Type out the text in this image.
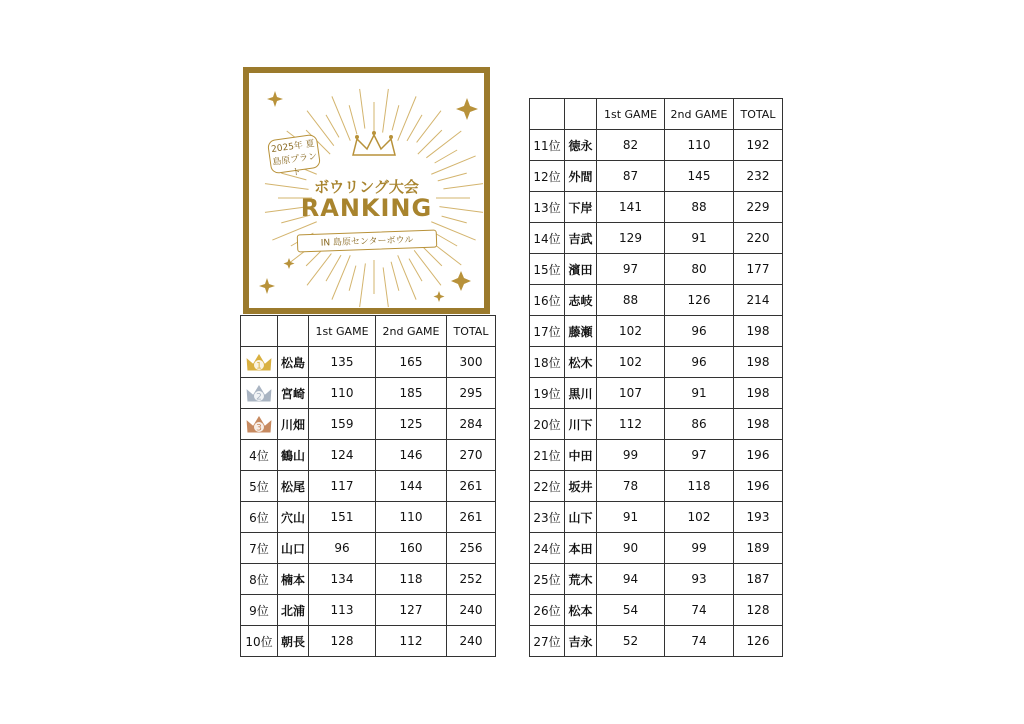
2025年 夏
島原プラント
ボウリング大会
RANKING
IN 島原センターボウル
		1st GAME	2nd GAME	TOTAL

1	松島	135	165	300

2	宮崎	110	185	295

3	川畑	159	125	284
4位	鶴山	124	146	270
5位	松尾	117	144	261
6位	穴山	151	110	261
7位	山口	96	160	256
8位	楠本	134	118	252
9位	北浦	113	127	240
10位	朝長	128	112	240
		1st GAME	2nd GAME	TOTAL
11位	徳永	82	110	192
12位	外間	87	145	232
13位	下岸	141	88	229
14位	吉武	129	91	220
15位	濱田	97	80	177
16位	志岐	88	126	214
17位	藤瀬	102	96	198
18位	松木	102	96	198
19位	黒川	107	91	198
20位	川下	112	86	198
21位	中田	99	97	196
22位	坂井	78	118	196
23位	山下	91	102	193
24位	本田	90	99	189
25位	荒木	94	93	187
26位	松本	54	74	128
27位	吉永	52	74	126
